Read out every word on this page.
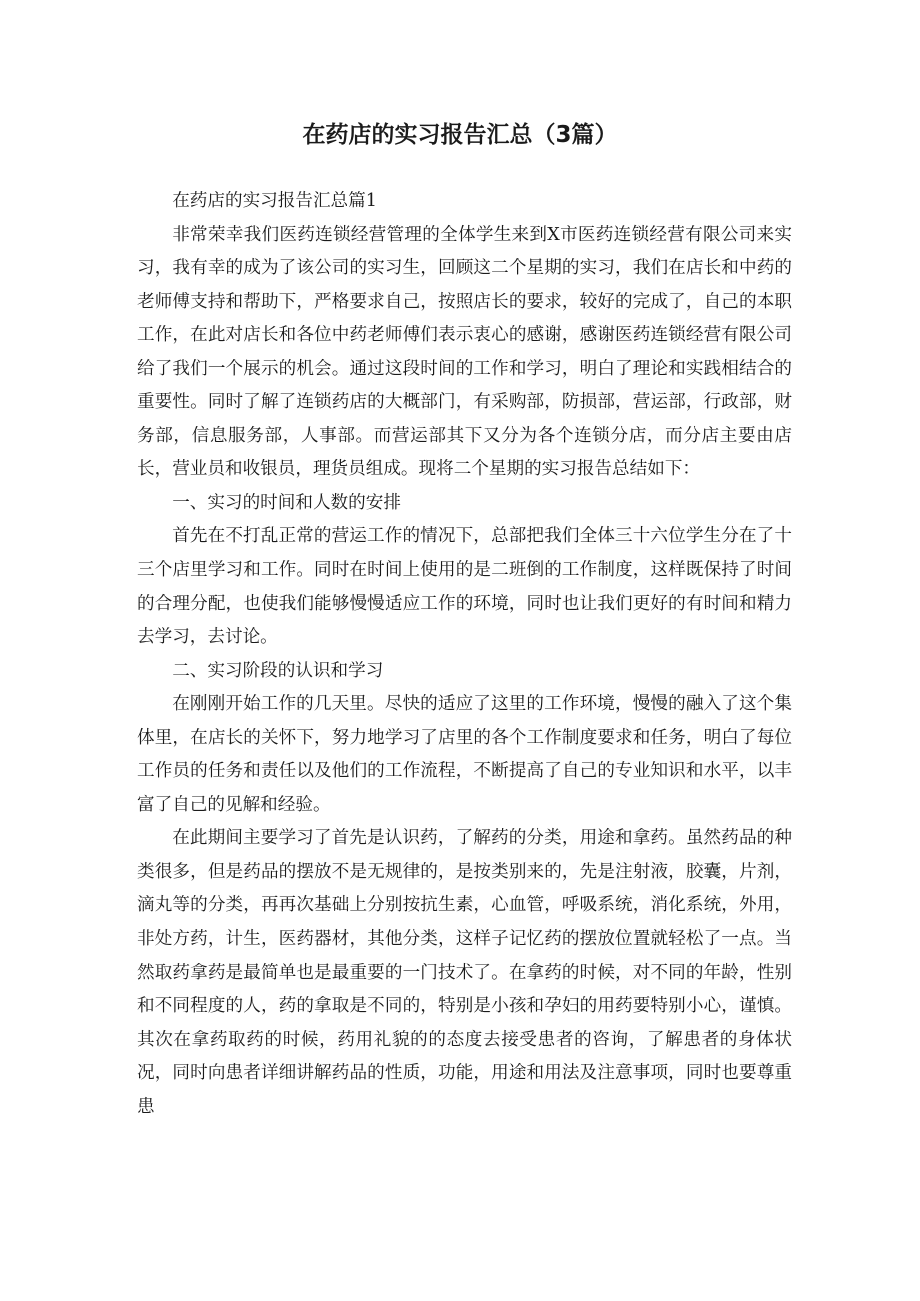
在药店的实习报告汇总（3篇）

在药店的实习报告汇总篇1

非常荣幸我们医药连锁经营管理的全体学生来到X市医药连锁经营有限公司来实习，我有幸的成为了该公司的实习生，回顾这二个星期的实习，我们在店长和中药的老师傅支持和帮助下，严格要求自己，按照店长的要求，较好的完成了，自己的本职工作，在此对店长和各位中药老师傅们表示衷心的感谢，感谢医药连锁经营有限公司给了我们一个展示的机会。通过这段时间的工作和学习，明白了理论和实践相结合的重要性。同时了解了连锁药店的大概部门，有采购部，防损部，营运部，行政部，财务部，信息服务部，人事部。而营运部其下又分为各个连锁分店，而分店主要由店长，营业员和收银员，理货员组成。现将二个星期的实习报告总结如下：

一、实习的时间和人数的安排

首先在不打乱正常的营运工作的情况下，总部把我们全体三十六位学生分在了十三个店里学习和工作。同时在时间上使用的是二班倒的工作制度，这样既保持了时间的合理分配，也使我们能够慢慢适应工作的环境，同时也让我们更好的有时间和精力去学习，去讨论。

二、实习阶段的认识和学习

在刚刚开始工作的几天里。尽快的适应了这里的工作环境，慢慢的融入了这个集体里，在店长的关怀下，努力地学习了店里的各个工作制度要求和任务，明白了每位工作员的任务和责任以及他们的工作流程，不断提高了自己的专业知识和水平，以丰富了自己的见解和经验。

在此期间主要学习了首先是认识药，了解药的分类，用途和拿药。虽然药品的种类很多，但是药品的摆放不是无规律的，是按类别来的，先是注射液，胶囊，片剂，滴丸等的分类，再再次基础上分别按抗生素，心血管，呼吸系统，消化系统，外用，非处方药，计生，医药器材，其他分类，这样子记忆药的摆放位置就轻松了一点。当然取药拿药是最简单也是最重要的一门技术了。在拿药的时候，对不同的年龄，性别和不同程度的人，药的拿取是不同的，特别是小孩和孕妇的用药要特别小心，谨慎。其次在拿药取药的时候，药用礼貌的的态度去接受患者的咨询，了解患者的身体状况，同时向患者详细讲解药品的性质，功能，用途和用法及注意事项，同时也要尊重患
